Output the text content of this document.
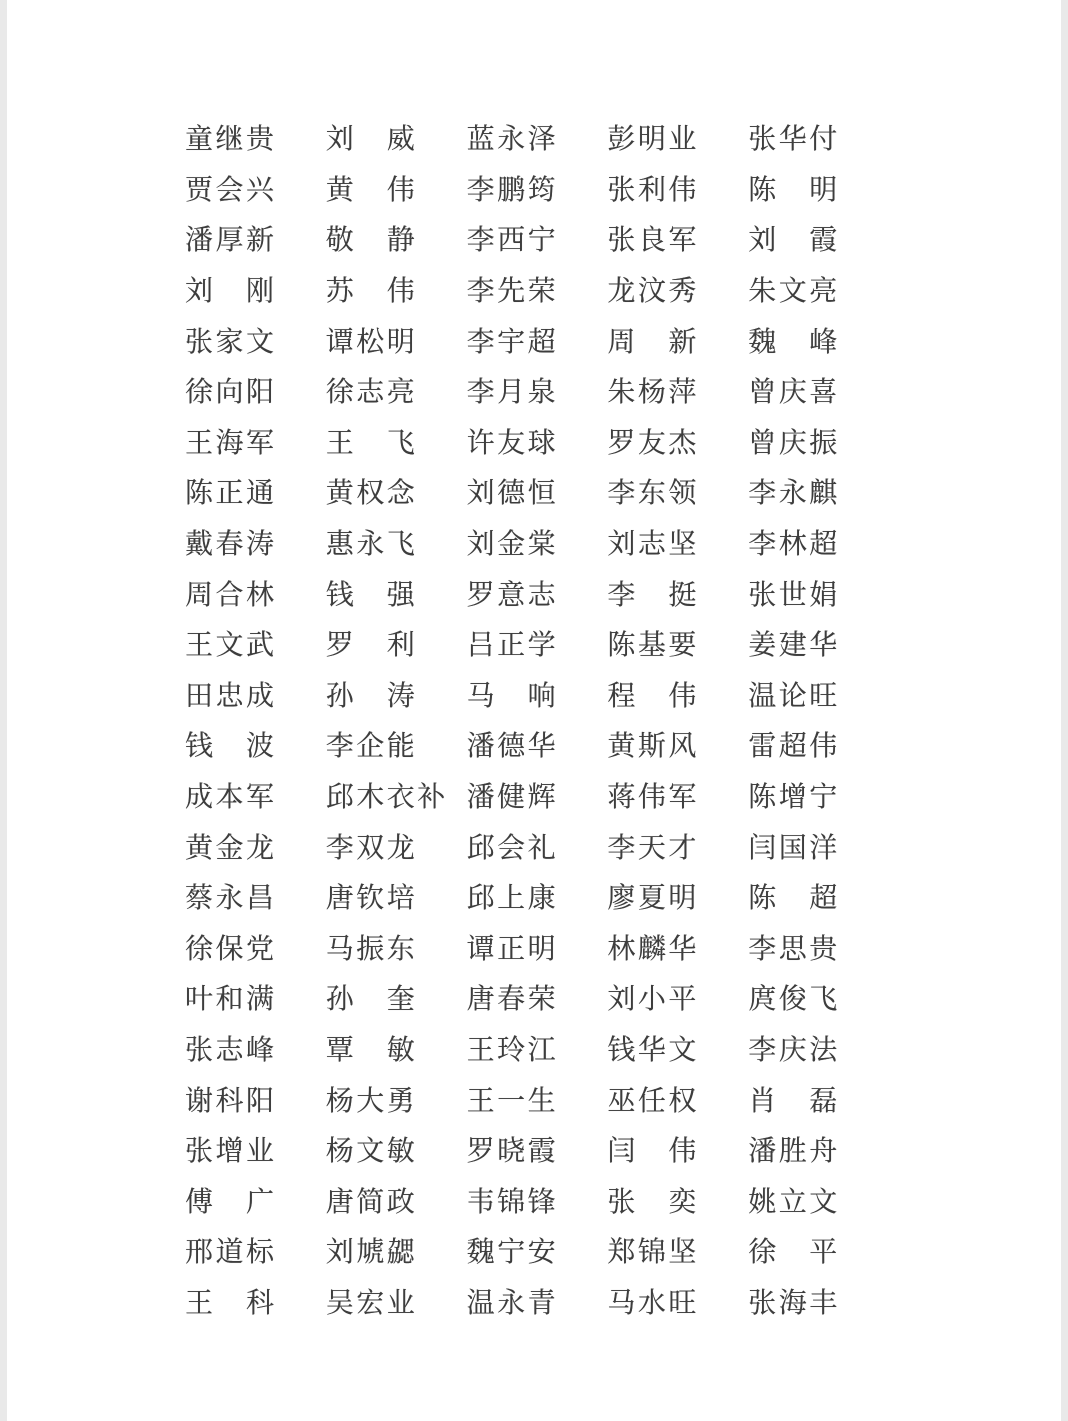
童继贵	刘　威	蓝永泽	彭明业	张华付
贾会兴	黄　伟	李鹏筠	张利伟	陈　明
潘厚新	敬　静	李西宁	张良军	刘　霞
刘　刚	苏　伟	李先荣	龙汶秀	朱文亮
张家文	谭松明	李宇超	周　新	魏　峰
徐向阳	徐志亮	李月泉	朱杨萍	曾庆喜
王海军	王　飞	许友球	罗友杰	曾庆振
陈正通	黄权念	刘德恒	李东领	李永麒
戴春涛	惠永飞	刘金棠	刘志坚	李林超
周合林	钱　强	罗意志	李　挺	张世娟
王文武	罗　利	吕正学	陈基要	姜建华
田忠成	孙　涛	马　响	程　伟	温论旺
钱　波	李企能	潘德华	黄斯风	雷超伟
成本军	邱木衣补 潘健辉	蒋伟军	陈增宁
黄金龙	李双龙	邱会礼	李天才	闫国洋
蔡永昌	唐钦培	邱上康	廖夏明	陈　超
徐保党	马振东	谭正明	林麟华	李思贵
叶和满	孙　奎	唐春荣	刘小平	庹俊飞
张志峰	覃　敏	王玲江	钱华文	李庆法
谢科阳	杨大勇	王一生	巫任权	肖　磊
张增业	杨文敏	罗晓霞	闫　伟	潘胜舟
傅　广	唐简政	韦锦锋	张　奕	姚立文
邢道标	刘虓勰	魏宁安	郑锦坚	徐　平
王　科	吴宏业	温永青	马水旺	张海丰
